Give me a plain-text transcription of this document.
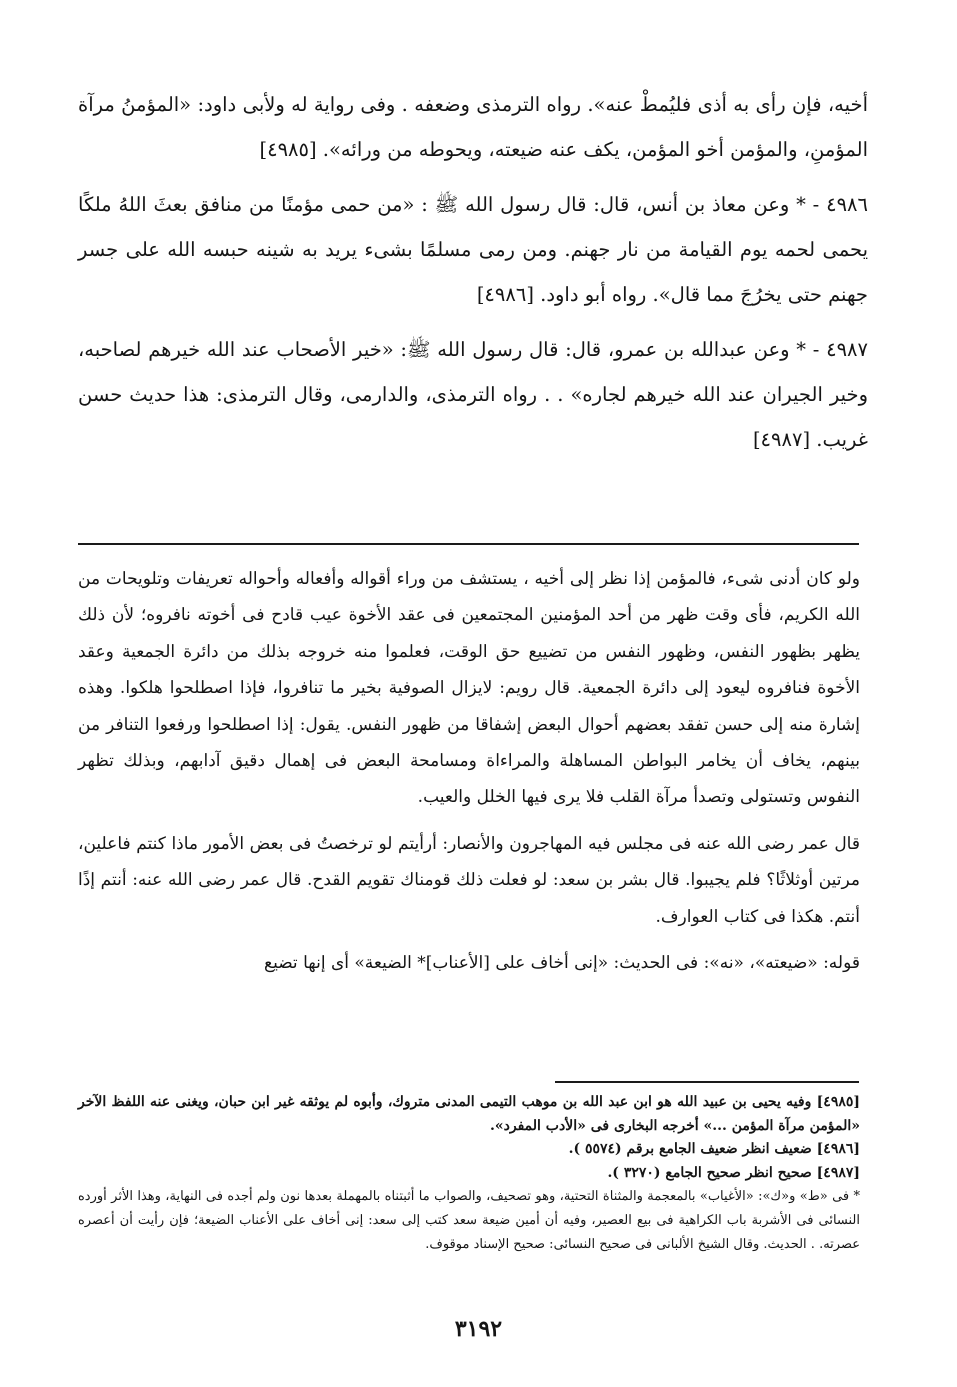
أخيه، فإن رأى به أذى فليُمطْ عنه». رواه الترمذى وضعفه . وفى رواية له ولأبى داود: «المؤمنُ مرآة المؤمنِ، والمؤمن أخو المؤمن، يكف عنه ضيعته، ويحوطه من ورائه». [٤٩٨٥]

٤٩٨٦ - * وعن معاذ بن أنس، قال: قال رسول الله ﷺ : «من حمى مؤمنًا من منافق بعثَ اللهُ ملكًا يحمى لحمه يوم القيامة من نار جهنم. ومن رمى مسلمًا بشىء يريد به شينه حبسه الله على جسر جهنم حتى يخرُجَ مما قال». رواه أبو داود. [٤٩٨٦]

٤٩٨٧ - * وعن عبدالله بن عمرو، قال: قال رسول الله ﷺ: «خير الأصحاب عند الله خيرهم لصاحبه، وخير الجيران عند الله خيرهم لجاره» . . رواه الترمذى، والدارمى، وقال الترمذى: هذا حديث حسن غريب. [٤٩٨٧]

ولو كان أدنى شىء، فالمؤمن إذا نظر إلى أخيه ، يستشف من وراء أقواله وأفعاله وأحواله تعريفات وتلويحات من الله الكريم، فأى وقت ظهر من أحد المؤمنين المجتمعين فى عقد الأخوة عيب قادح فى أخوته نافروه؛ لأن ذلك يظهر بظهور النفس، وظهور النفس من تضييع حق الوقت، فعلموا منه خروجه بذلك من دائرة الجمعية وعقد الأخوة فنافروه ليعود إلى دائرة الجمعية. قال رويم: لايزال الصوفية بخير ما تنافروا، فإذا اصطلحوا هلكوا. وهذه إشارة منه إلى حسن تفقد بعضهم أحوال البعض إشفاقا من ظهور النفس. يقول: إذا اصطلحوا ورفعوا التنافر من بينهم، يخاف أن يخامر البواطن المساهلة والمراءاة ومسامحة البعض فى إهمال دقيق آدابهم، وبذلك تظهر النفوس وتستولى وتصدأ مرآة القلب فلا يرى فيها الخلل والعيب.

قال عمر رضى الله عنه فى مجلس فيه المهاجرون والأنصار: أرأيتم لو ترخصتُ فى بعض الأمور ماذا كنتم فاعلين، مرتين أوثلاثًا؟ فلم يجيبوا. قال بشر بن سعد: لو فعلت ذلك قومناك تقويم القدح. قال عمر رضى الله عنه: أنتم إذًا أنتم. هكذا فى كتاب العوارف.

قوله: «ضيعته»، «نه»: فى الحديث: «إنى أخاف على [الأعناب]* الضيعة» أى إنها تضيع

[٤٩٨٥] وفيه يحيى بن عبيد الله هو ابن عبد الله بن موهب التيمى المدنى متروك، وأبوه لم يوثقه غير ابن حبان، ويغنى عنه اللفظ الآخر «المؤمن مرآة المؤمن ...» أخرجه البخارى فى «الأدب المفرد».

[٤٩٨٦] ضعيف انظر ضعيف الجامع برقم (٥٥٧٤ ).

[٤٩٨٧] صحيح انظر صحيح الجامع (٣٢٧٠ ).

* فى «ط» و«ك»: «الأغياب» بالمعجمة والمثناة التحتية، وهو تصحيف، والصواب ما أثبتناه بالمهملة بعدها نون ولم أجده فى النهاية، وهذا الأثر أورده النسائى فى الأشربة باب الكراهية فى بيع العصير، وفيه أن أمين ضيعة سعد كتب إلى سعد: إنى أخاف على الأعناب الضيعة؛ فإن رأيت أن أعصره عصرته. . الحديث. وقال الشيخ الألبانى فى صحيح النسائى: صحيح الإسناد موقوف.

٣١٩٢
